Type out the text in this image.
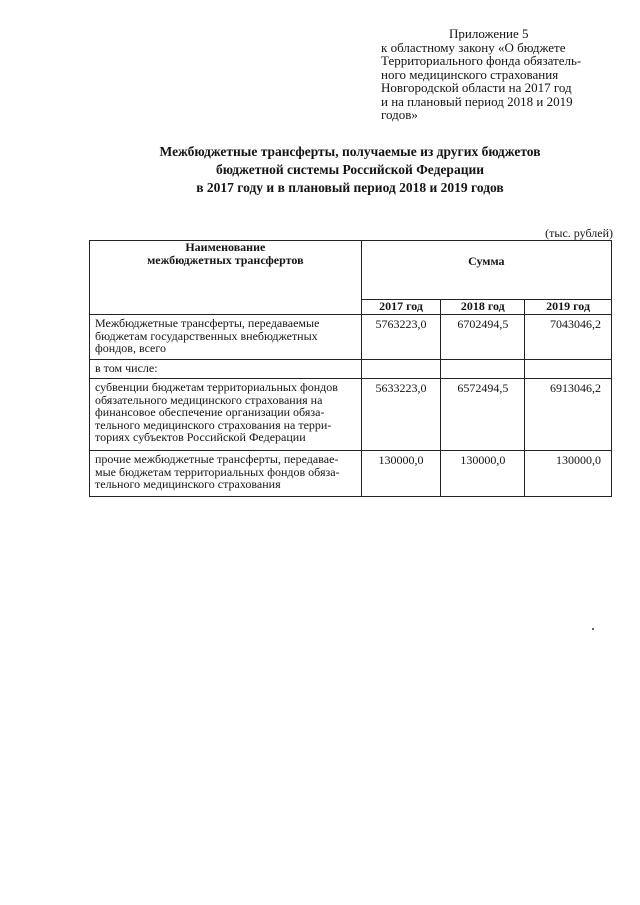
Приложение 5
к областному закону «О бюджете
Территориального фонда обязатель-
ного медицинского страхования
Новгородской области на 2017 год
и на плановый период 2018 и 2019
годов»
Межбюджетные трансферты, получаемые из других бюджетов
бюджетной системы Российской Федерации
в 2017 году и в плановый период 2018 и 2019 годов
(тыс. рублей)
Наименование
межбюджетных трансфертов	Сумма		
	2017 год	2018 год	2019 год

Межбюджетные трансферты, передаваемые
бюджетам государственных внебюджетных
фондов, всего	5763223,0	6702494,5	7043046,2

в том числе:			

субвенции бюджетам территориальных фондов
обязательного медицинского страхования на
финансовое обеспечение организации обяза-
тельного медицинского страхования на терри-
ториях субъектов Российской Федерации	5633223,0	6572494,5	6913046,2

прочие межбюджетные трансферты, передавае-
мые бюджетам территориальных фондов обяза-
тельного медицинского страхования	130000,0	130000,0	130000,0
